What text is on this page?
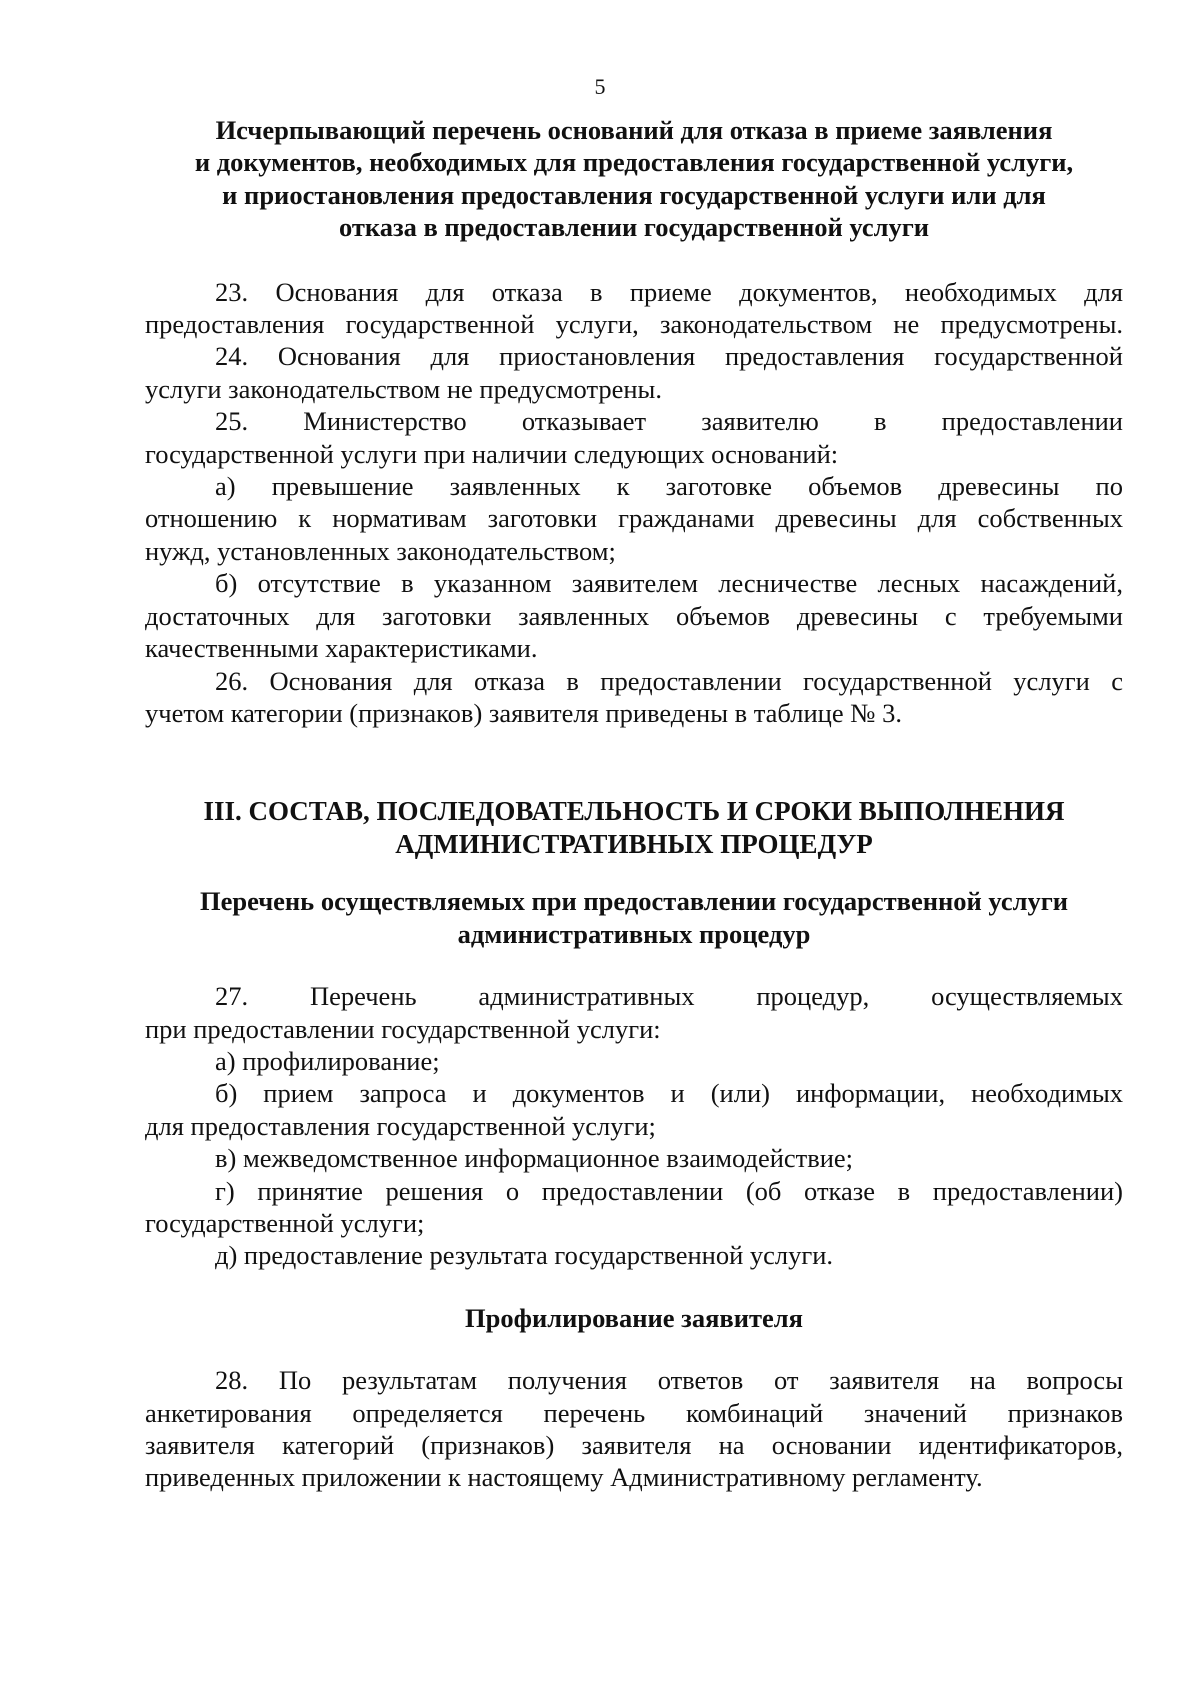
5
Исчерпывающий перечень оснований для отказа в приеме заявления
и документов, необходимых для предоставления государственной услуги,
и приостановления предоставления государственной услуги или для
отказа в предоставлении государственной услуги
23. Основания для отказа в приеме документов, необходимых для
предоставления государственной услуги, законодательством не предусмотрены.
24. Основания для приостановления предоставления государственной
услуги законодательством не предусмотрены.
25. Министерство отказывает заявителю в предоставлении
государственной услуги при наличии следующих оснований:
а) превышение заявленных к заготовке объемов древесины по
отношению к нормативам заготовки гражданами древесины для собственных
нужд, установленных законодательством;
б) отсутствие в указанном заявителем лесничестве лесных насаждений,
достаточных для заготовки заявленных объемов древесины с требуемыми
качественными характеристиками.
26. Основания для отказа в предоставлении государственной услуги с
учетом категории (признаков) заявителя приведены в таблице № 3.
III. СОСТАВ, ПОСЛЕДОВАТЕЛЬНОСТЬ И СРОКИ ВЫПОЛНЕНИЯ
АДМИНИСТРАТИВНЫХ ПРОЦЕДУР
Перечень осуществляемых при предоставлении государственной услуги
административных процедур
27. Перечень административных процедур, осуществляемых
при предоставлении государственной услуги:
а) профилирование;
б) прием запроса и документов и (или) информации, необходимых
для предоставления государственной услуги;
в) межведомственное информационное взаимодействие;
г) принятие решения о предоставлении (об отказе в предоставлении)
государственной услуги;
д) предоставление результата государственной услуги.
Профилирование заявителя
28. По результатам получения ответов от заявителя на вопросы
анкетирования определяется перечень комбинаций значений признаков
заявителя категорий (признаков) заявителя на основании идентификаторов,
приведенных приложении к настоящему Административному регламенту.
